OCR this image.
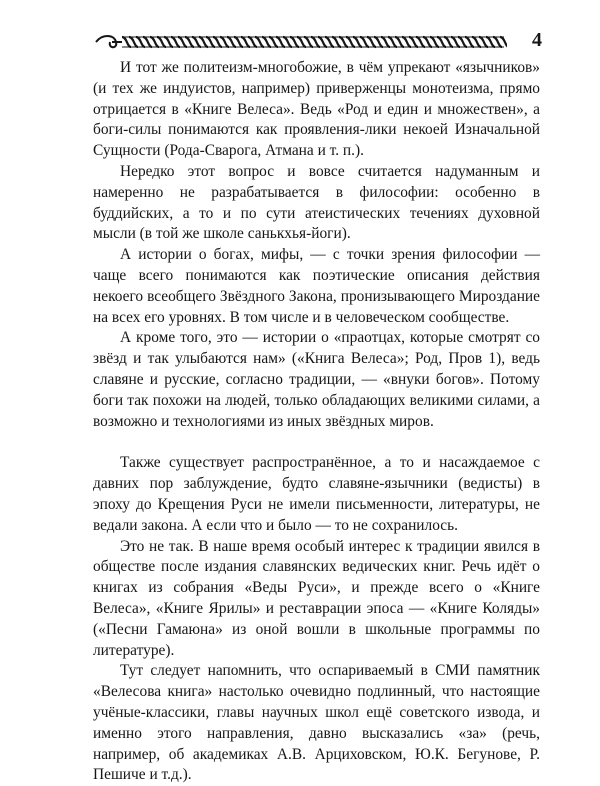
4

И тот же политеизм-многобожие, в чём упрекают «язычников» (и тех же индуистов, например) приверженцы монотеизма, прямо отрицается в «Книге Велеса». Ведь «Род и един и множествен», а боги-силы понимаются как проявления-лики некоей Изначальной Сущности (Рода-Сварога, Атмана и т. п.).

Нередко этот вопрос и вовсе считается надуманным и намеренно не разрабатывается в философии: особенно в буддийских, а то и по сути атеистических течениях духовной мысли (в той же школе санькхья-йоги).

А истории о богах, мифы, — с точки зрения философии — чаще всего понимаются как поэтические описания действия некоего всеобщего Звёздного Закона, пронизывающего Мироздание на всех его уровнях. В том числе и в человеческом сообществе.

А кроме того, это — истории о «праотцах, которые смотрят со звёзд и так улыбаются нам» («Книга Велеса»; Род, Пров 1), ведь славяне и русские, согласно традиции, — «внуки богов». Потому боги так похожи на людей, только обладающих великими силами, а возможно и технологиями из иных звёздных миров.

Также существует распространённое, а то и насаждаемое с давних пор заблуждение, будто славяне-язычники (ведисты) в эпоху до Крещения Руси не имели письменности, литературы, не ведали закона. А если что и было — то не сохранилось.

Это не так. В наше время особый интерес к традиции явился в обществе после издания славянских ведических книг. Речь идёт о книгах из собрания «Веды Руси», и прежде всего о «Книге Велеса», «Книге Ярилы» и реставрации эпоса — «Книге Коляды» («Песни Гамаюна» из оной вошли в школьные программы по литературе).

Тут следует напомнить, что оспариваемый в СМИ памятник «Велесова книга» настолько очевидно подлинный, что настоящие учёные-классики, главы научных школ ещё советского извода, и именно этого направления, давно высказались «за» (речь, например, об академиках А.В. Арциховском, Ю.К. Бегунове, Р. Пешиче и т.д.).
